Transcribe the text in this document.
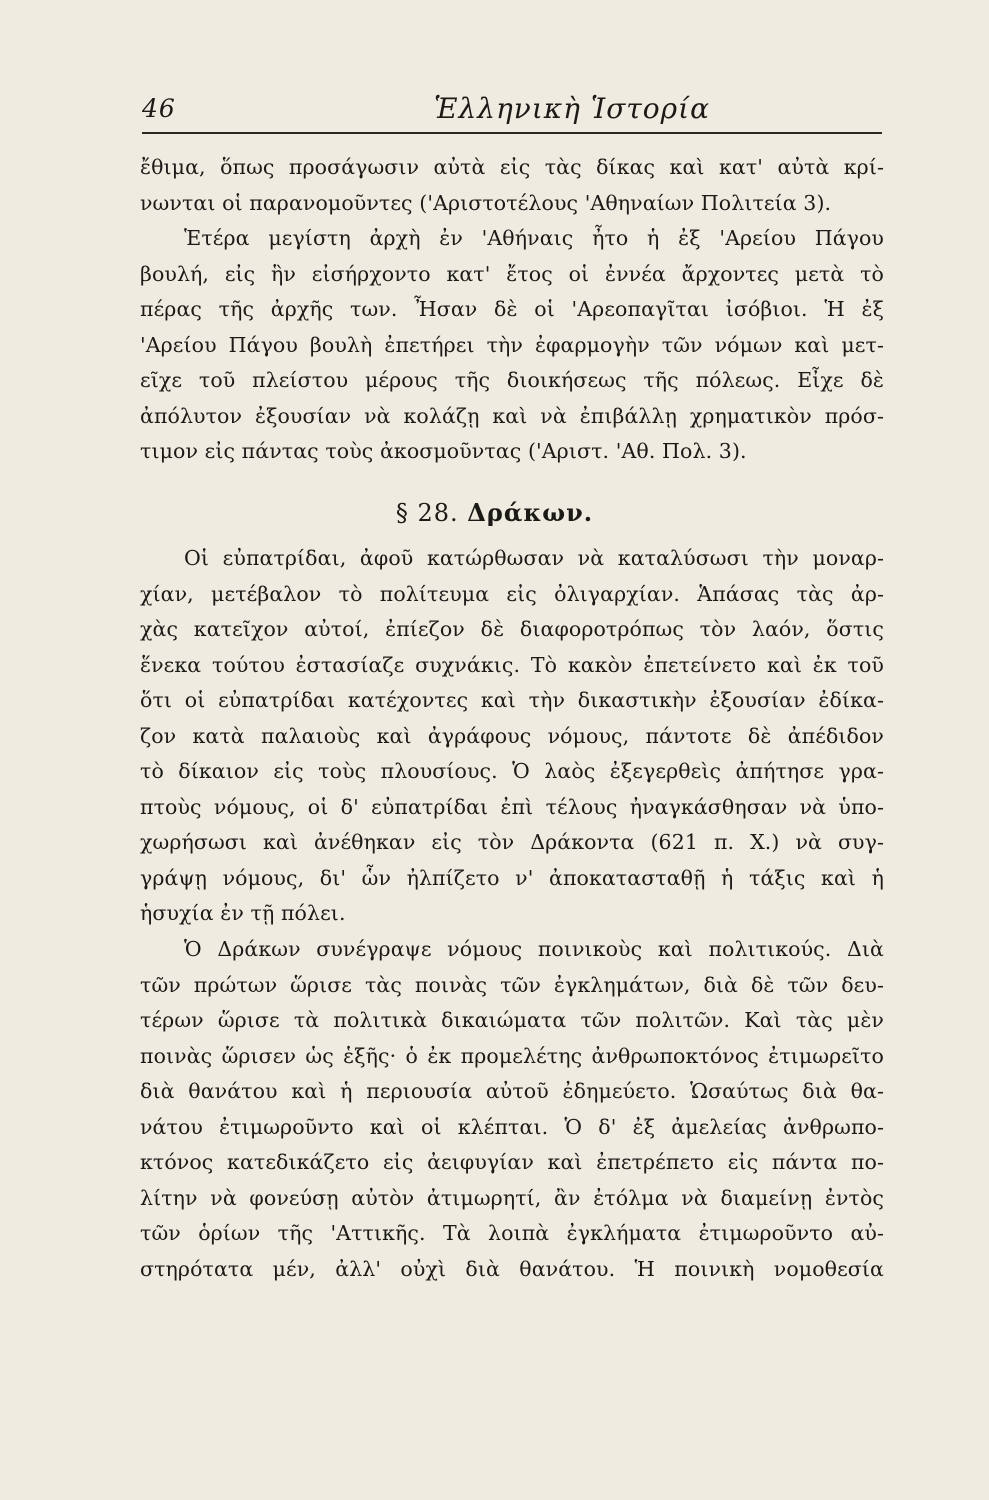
46	Ἑλληνικὴ Ἱστορία
ἔθιμα, ὅπως προσάγωσιν αὐτὰ εἰς τὰς δίκας καὶ κατ' αὐτὰ κρί-
νωνται οἱ παρανομοῦντες ('Αριστοτέλους 'Αθηναίων Πολιτεία 3).
Ἑτέρα μεγίστη ἀρχὴ ἐν 'Αθήναις ἦτο ἡ ἐξ 'Αρείου Πάγου
βουλή, εἰς ἣν εἰσήρχοντο κατ' ἔτος οἱ ἐννέα ἄρχοντες μετὰ τὸ
πέρας τῆς ἀρχῆς των. Ἦσαν δὲ οἱ 'Αρεοπαγῖται ἰσόβιοι. Ἡ ἐξ
'Αρείου Πάγου βουλὴ ἐπετήρει τὴν ἐφαρμογὴν τῶν νόμων καὶ μετ-
εῖχε τοῦ πλείστου μέρους τῆς διοικήσεως τῆς πόλεως. Εἶχε δὲ
ἀπόλυτον ἐξουσίαν νὰ κολάζῃ καὶ νὰ ἐπιβάλλῃ χρηματικὸν πρόσ-
τιμον εἰς πάντας τοὺς ἀκοσμοῦντας ('Αριστ. 'Αθ. Πολ. 3).
§ 28. Δράκων.
Οἱ εὐπατρίδαι, ἀφοῦ κατώρθωσαν νὰ καταλύσωσι τὴν μοναρ-
χίαν, μετέβαλον τὸ πολίτευμα εἰς ὀλιγαρχίαν. Ἁπάσας τὰς ἀρ-
χὰς κατεῖχον αὐτοί, ἐπίεζον δὲ διαφοροτρόπως τὸν λαόν, ὅστις
ἕνεκα τούτου ἐστασίαζε συχνάκις. Τὸ κακὸν ἐπετείνετο καὶ ἐκ τοῦ
ὅτι οἱ εὐπατρίδαι κατέχοντες καὶ τὴν δικαστικὴν ἐξουσίαν ἐδίκα-
ζον κατὰ παλαιοὺς καὶ ἀγράφους νόμους, πάντοτε δὲ ἀπέδιδον
τὸ δίκαιον εἰς τοὺς πλουσίους. Ὁ λαὸς ἐξεγερθεὶς ἀπήτησε γρα-
πτοὺς νόμους, οἱ δ' εὐπατρίδαι ἐπὶ τέλους ἠναγκάσθησαν νὰ ὑπο-
χωρήσωσι καὶ ἀνέθηκαν εἰς τὸν Δράκοντα (621 π. Χ.) νὰ συγ-
γράψῃ νόμους, δι' ὧν ἠλπίζετο ν' ἀποκατασταθῇ ἡ τάξις καὶ ἡ
ἡσυχία ἐν τῇ πόλει.
Ὁ Δράκων συνέγραψε νόμους ποινικοὺς καὶ πολιτικούς. Διὰ
τῶν πρώτων ὥρισε τὰς ποινὰς τῶν ἐγκλημάτων, διὰ δὲ τῶν δευ-
τέρων ὥρισε τὰ πολιτικὰ δικαιώματα τῶν πολιτῶν. Καὶ τὰς μὲν
ποινὰς ὥρισεν ὡς ἑξῆς· ὁ ἐκ προμελέτης ἀνθρωποκτόνος ἐτιμωρεῖτο
διὰ θανάτου καὶ ἡ περιουσία αὐτοῦ ἐδημεύετο. Ὡσαύτως διὰ θα-
νάτου ἐτιμωροῦντο καὶ οἱ κλέπται. Ὁ δ' ἐξ ἀμελείας ἀνθρωπο-
κτόνος κατεδικάζετο εἰς ἀειφυγίαν καὶ ἐπετρέπετο εἰς πάντα πο-
λίτην νὰ φονεύσῃ αὐτὸν ἀτιμωρητί, ἂν ἐτόλμα νὰ διαμείνῃ ἐντὸς
τῶν ὁρίων τῆς 'Αττικῆς. Τὰ λοιπὰ ἐγκλήματα ἐτιμωροῦντο αὐ-
στηρότατα μέν, ἀλλ' οὐχὶ διὰ θανάτου. Ἡ ποινικὴ νομοθεσία
